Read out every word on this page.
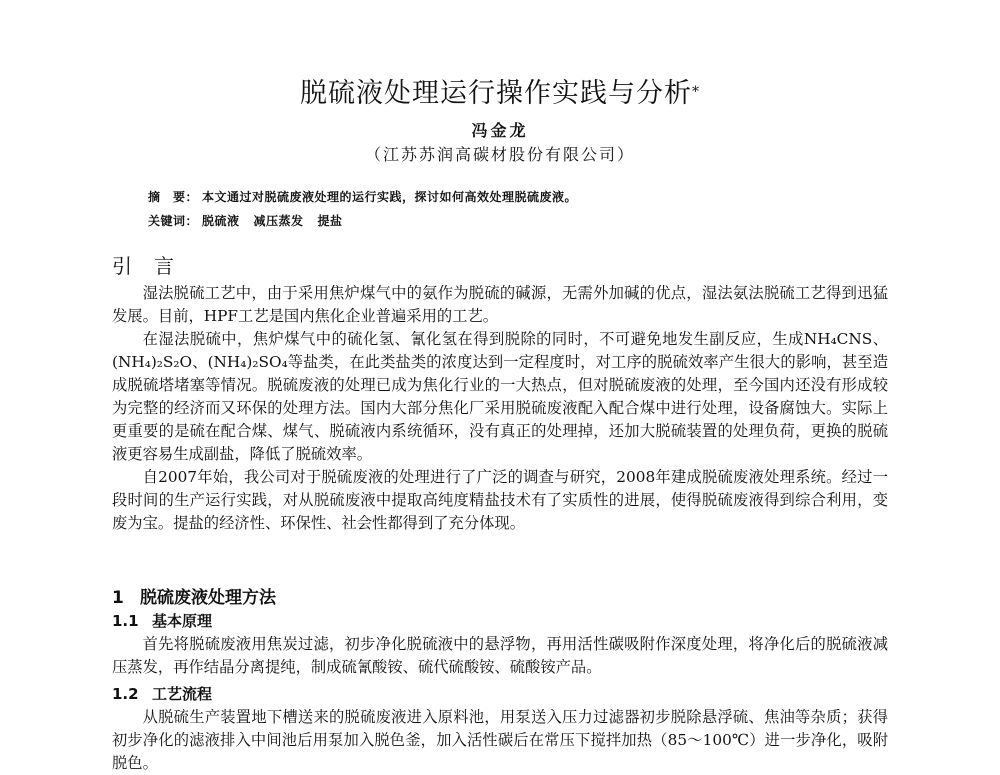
脱硫液处理运行操作实践与分析*
冯金龙
（江苏苏润高碳材股份有限公司）
摘　要： 本文通过对脱硫废液处理的运行实践，探讨如何高效处理脱硫废液。
关键词： 脱硫液 减压蒸发 提盐
引言

湿法脱硫工艺中，由于采用焦炉煤气中的氨作为脱硫的碱源，无需外加碱的优点，湿法氨法脱硫工艺得到迅猛发展。目前，HPF工艺是国内焦化企业普遍采用的工艺。

在湿法脱硫中，焦炉煤气中的硫化氢、氰化氢在得到脱除的同时，不可避免地发生副反应，生成NH₄CNS、(NH₄)₂S₂O、(NH₄)₂SO₄等盐类，在此类盐类的浓度达到一定程度时，对工序的脱硫效率产生很大的影响，甚至造成脱硫塔堵塞等情况。脱硫废液的处理已成为焦化行业的一大热点，但对脱硫废液的处理，至今国内还没有形成较为完整的经济而又环保的处理方法。国内大部分焦化厂采用脱硫废液配入配合煤中进行处理，设备腐蚀大。实际上更重要的是硫在配合煤、煤气、脱硫液内系统循环，没有真正的处理掉，还加大脱硫装置的处理负荷，更换的脱硫液更容易生成副盐，降低了脱硫效率。

自2007年始，我公司对于脱硫废液的处理进行了广泛的调查与研究，2008年建成脱硫废液处理系统。经过一段时间的生产运行实践，对从脱硫废液中提取高纯度精盐技术有了实质性的进展，使得脱硫废液得到综合利用，变废为宝。提盐的经济性、环保性、社会性都得到了充分体现。

1 脱硫废液处理方法
1.1 基本原理

首先将脱硫废液用焦炭过滤，初步净化脱硫液中的悬浮物，再用活性碳吸附作深度处理，将净化后的脱硫液减压蒸发，再作结晶分离提纯，制成硫氰酸铵、硫代硫酸铵、硫酸铵产品。

1.2 工艺流程

从脱硫生产装置地下槽送来的脱硫废液进入原料池，用泵送入压力过滤器初步脱除悬浮硫、焦油等杂质；获得初步净化的滤液排入中间池后用泵加入脱色釜，加入活性碳后在常压下搅拌加热（85～100℃）进一步净化，吸附脱色。
